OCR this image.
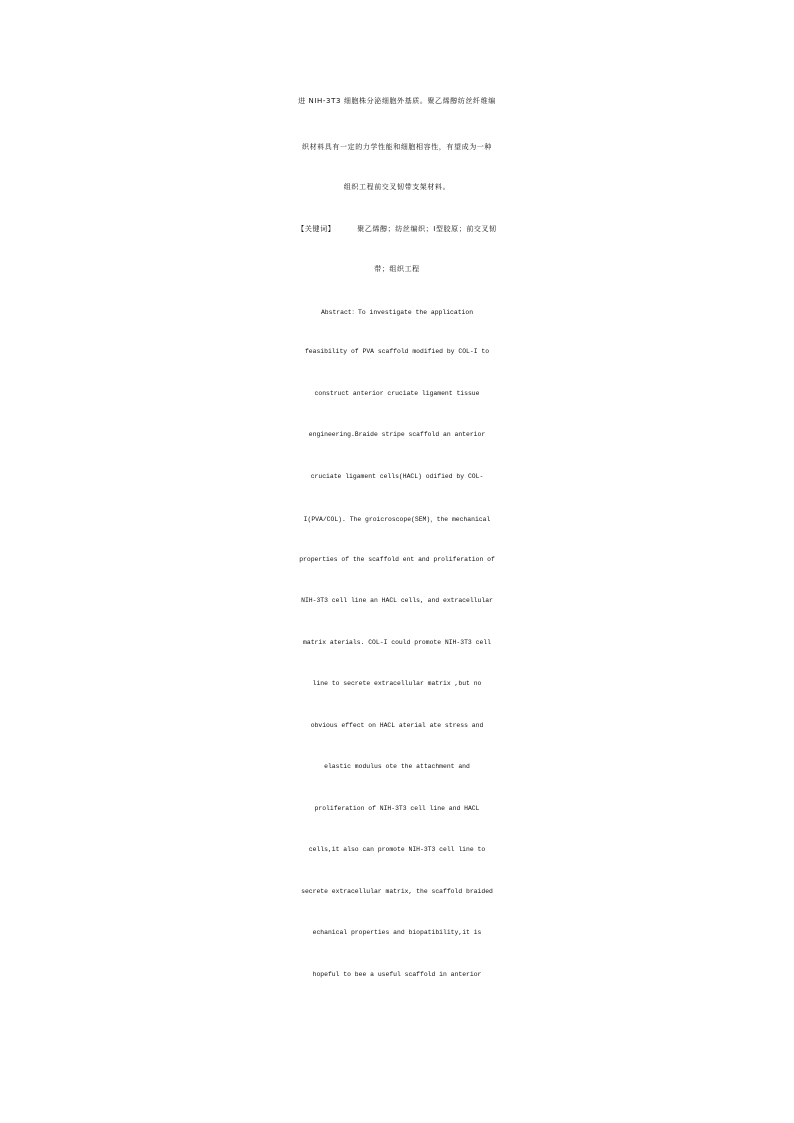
进 NIH-3T3 细胞株分泌细胞外基质。聚乙烯醇纺丝纤维编
织材料具有一定的力学性能和细胞相容性，有望成为一种
组织工程前交叉韧带支架材料。
【关键词】	聚乙烯醇；纺丝编织；Ⅰ型胶原；前交叉韧
带；组织工程
Abstract：To investigate the application
feasibility of PVA scaffold modified by COL-I to
construct anterior cruciate ligament tissue
engineering.Braide stripe scaffold an anterior
cruciate ligament cells(HACL) odified by COL-
I(PVA/COL). The groicroscope(SEM)，the mechanical
properties of the scaffold ent and proliferation of
NIH-3T3 cell line an HACL cells, and extracellular
matrix aterials. COL-I could promote NIH-3T3 cell
line to secrete extracellular matrix ,but no
obvious effect on HACL aterial ate stress and
elastic modulus ote the attachment and
proliferation of NIH-3T3 cell line and HACL
cells,it also can promote NIH-3T3 cell line to
secrete extracellular matrix, the scaffold braided
echanical properties and biopatibility,it is
hopeful to bee a useful scaffold in anterior
